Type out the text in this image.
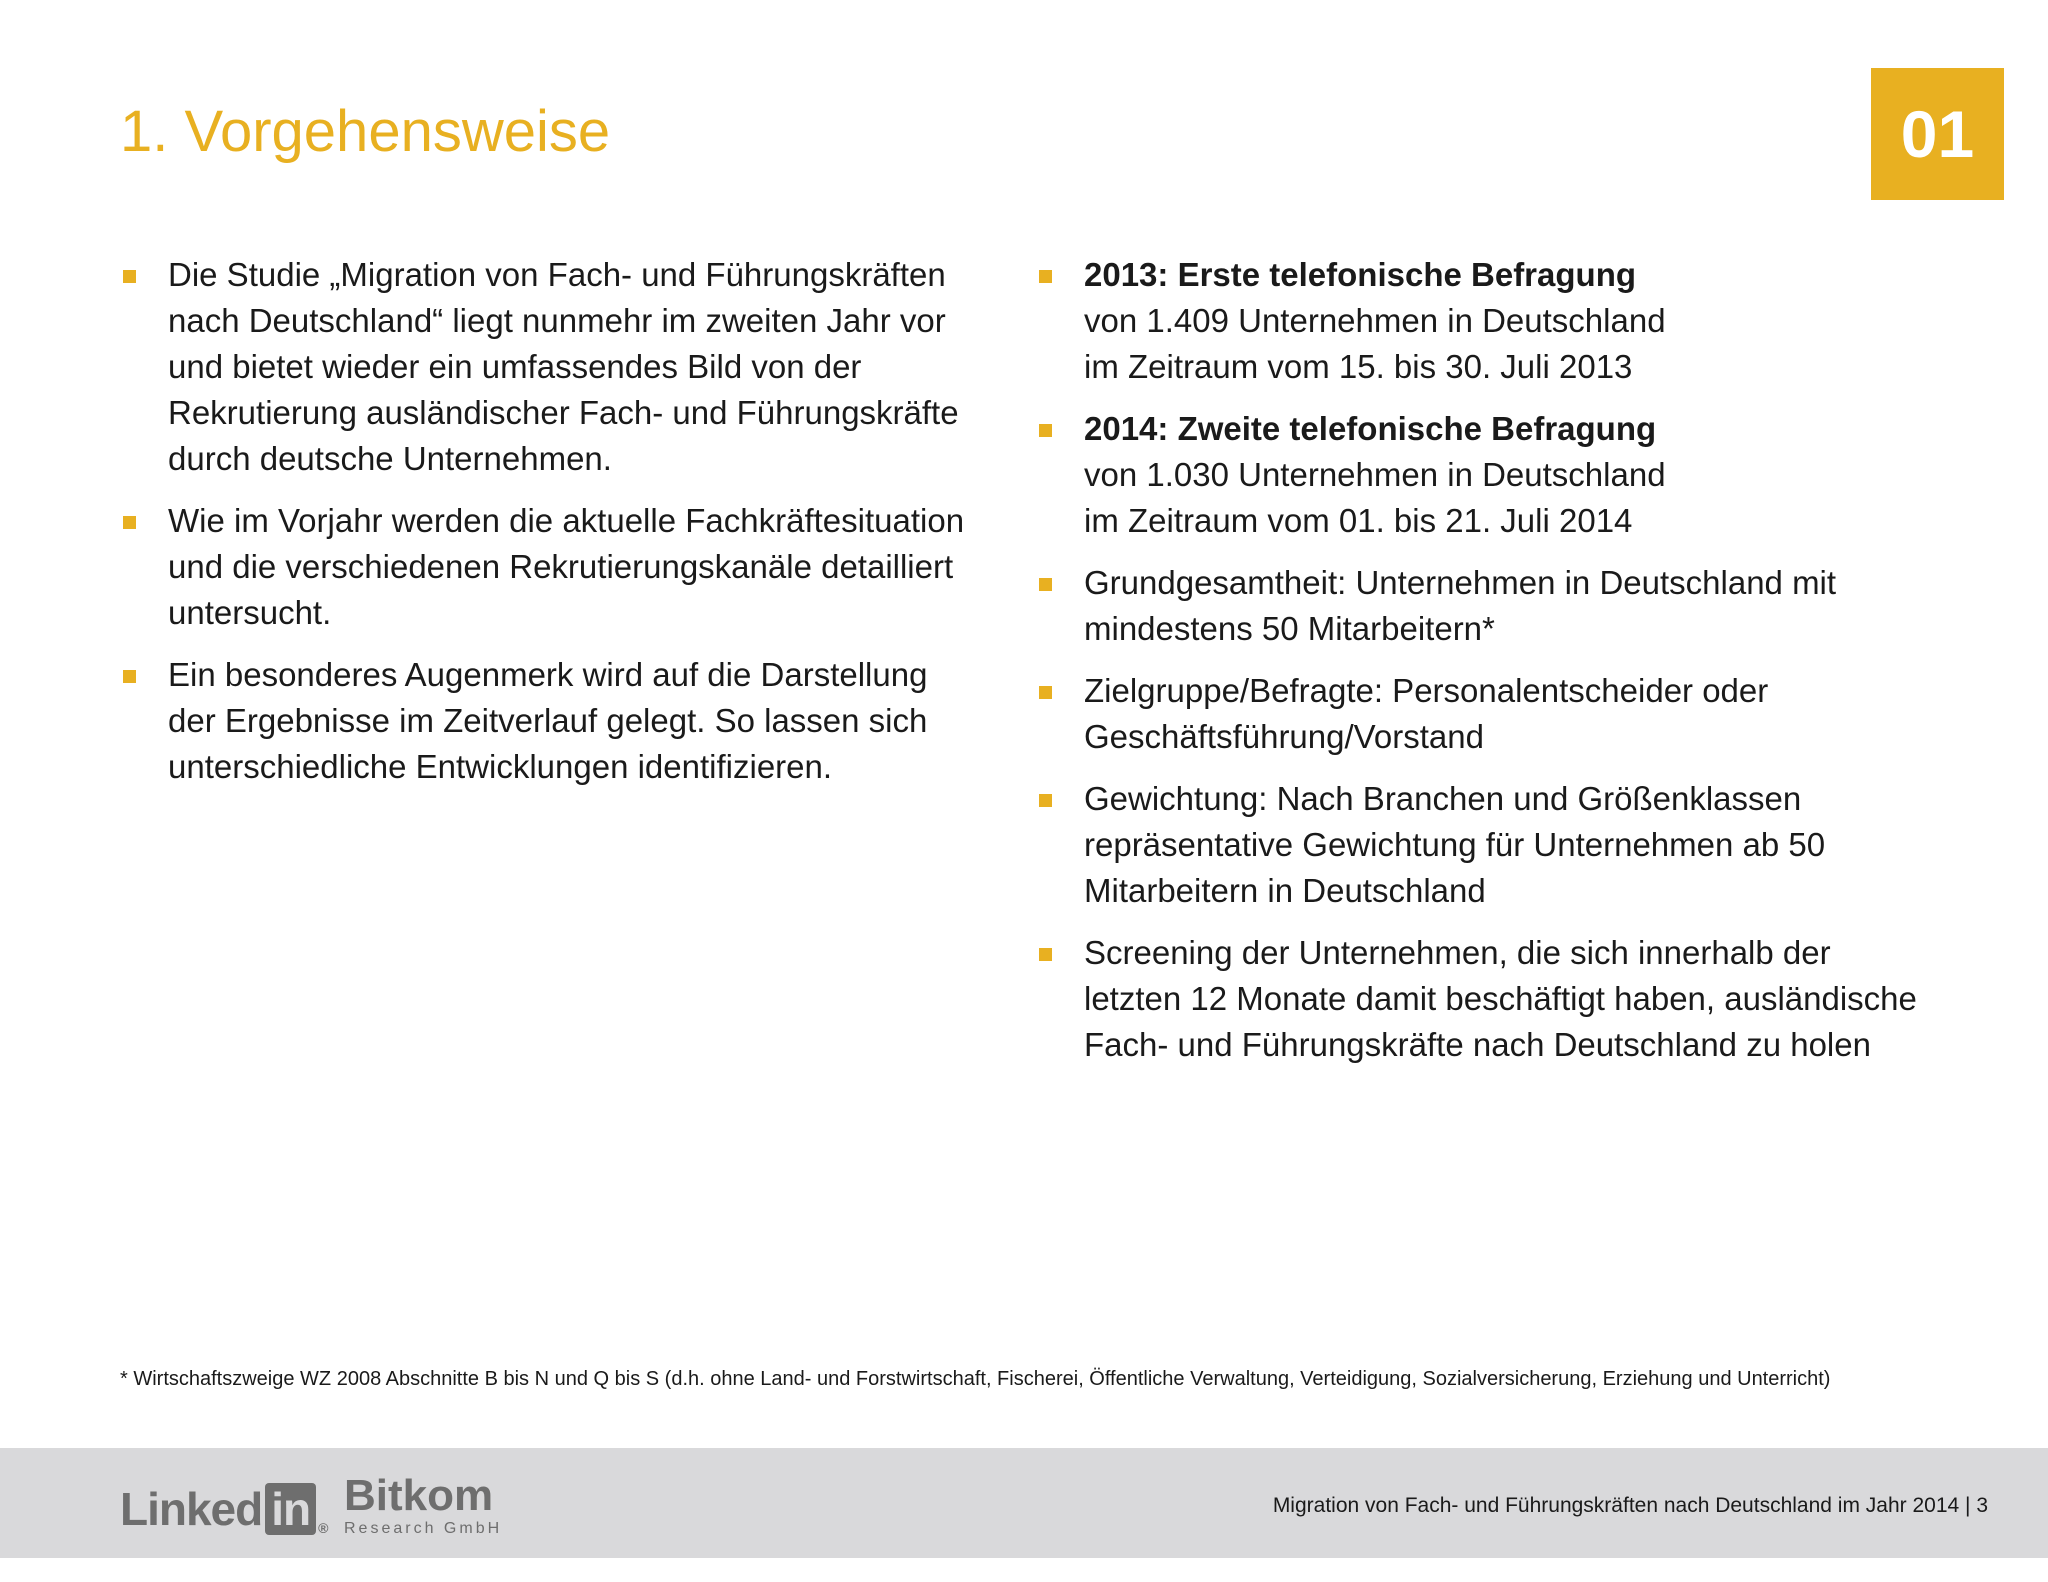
1. Vorgehensweise	01
Die Studie „Migration von Fach- und Führungskräften nach Deutschland“ liegt nunmehr im zweiten Jahr vor und bietet wieder ein umfassendes Bild von der Rekrutierung ausländischer Fach- und Führungskräfte durch deutsche Unternehmen.
Wie im Vorjahr werden die aktuelle Fachkräftesituation und die verschiedenen Rekrutierungskanäle detailliert untersucht.
Ein besonderes Augenmerk wird auf die Darstellung der Ergebnisse im Zeitverlauf gelegt. So lassen sich unterschiedliche Entwicklungen identifizieren.
2013: Erste telefonische Befragung
von 1.409 Unternehmen in Deutschland
im Zeitraum vom 15. bis 30. Juli 2013
2014: Zweite telefonische Befragung
von 1.030 Unternehmen in Deutschland
im Zeitraum vom 01. bis 21. Juli 2014
Grundgesamtheit: Unternehmen in Deutschland mit mindestens 50 Mitarbeitern*
Zielgruppe/Befragte: Personalentscheider oder Geschäftsführung/Vorstand
Gewichtung: Nach Branchen und Größenklassen repräsentative Gewichtung für Unternehmen ab 50 Mitarbeitern in Deutschland
Screening der Unternehmen, die sich innerhalb der letzten 12 Monate damit beschäftigt haben, ausländische Fach- und Führungskräfte nach Deutschland zu holen
* Wirtschaftszweige WZ 2008 Abschnitte B bis N und Q bis S (d.h. ohne Land- und Forstwirtschaft, Fischerei, Öffentliche Verwaltung, Verteidigung, Sozialversicherung, Erziehung und Unterricht)
Linked in ®
Bitkom
Research GmbH
Migration von Fach- und Führungskräften nach Deutschland im Jahr 2014 | 3
